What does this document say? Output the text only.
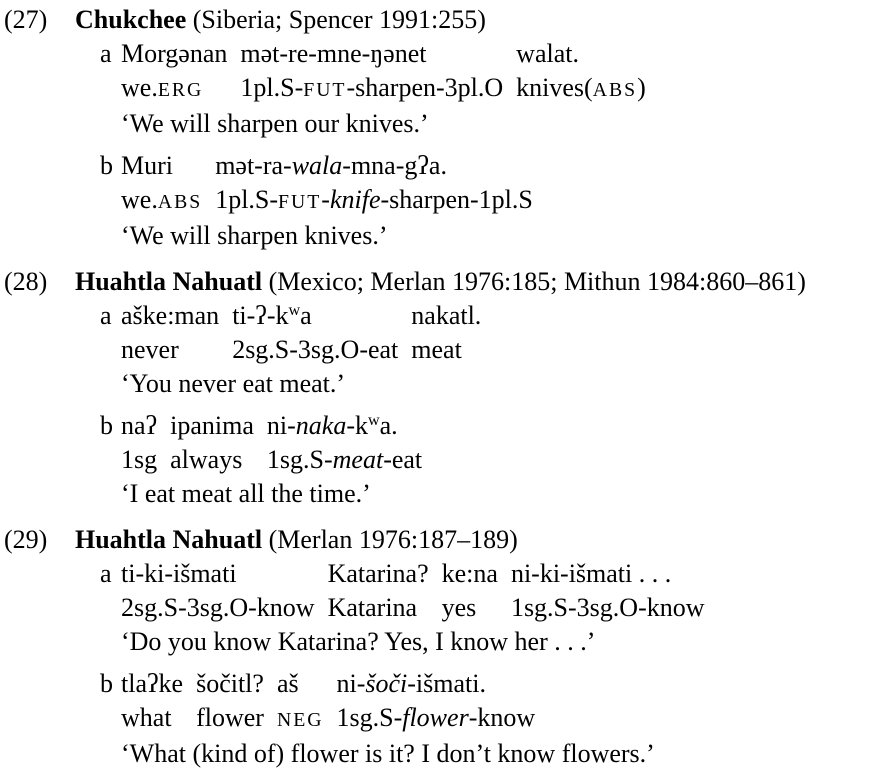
(27) Chukchee (Siberia; Spencer 1991:255)
a Morgənan
we.ERG
mət-re-mne-ŋənet
1pl.S-FUT-sharpen-3pl.O
walat.
knives(ABS)
‘We will sharpen our knives.’
b Muri
we.ABS
mət-ra-wala-mna-gʔa.
1pl.S-FUT-knife-sharpen-1pl.S
‘We will sharpen knives.’
(28) Huahtla Nahuatl (Mexico; Merlan 1976:185; Mithun 1984:860–861)
a aške:man
never
$ti-ʔ-k^wa$
2sg.S-3sg.O-eat
nakatl.
meat
‘You never eat meat.’
b naʔ
1sg
ipanima
always
$ni-naka-k^wa$.
1sg.S-meat-eat
‘I eat meat all the time.’
(29) Huahtla Nahuatl (Merlan 1976:187–189)
a ti-ki-išmati
2sg.S-3sg.O-know
Katarina?
Katarina
ke:na
yes
ni-ki-išmati . . .
1sg.S-3sg.O-know
‘Do you know Katarina? Yes, I know her . . .’
b tlaʔke
what
šočitl?
flower
aš
NEG
ni-šoči-išmati.
1sg.S-flower-know
‘What (kind of) flower is it? I don’t know flowers.’
